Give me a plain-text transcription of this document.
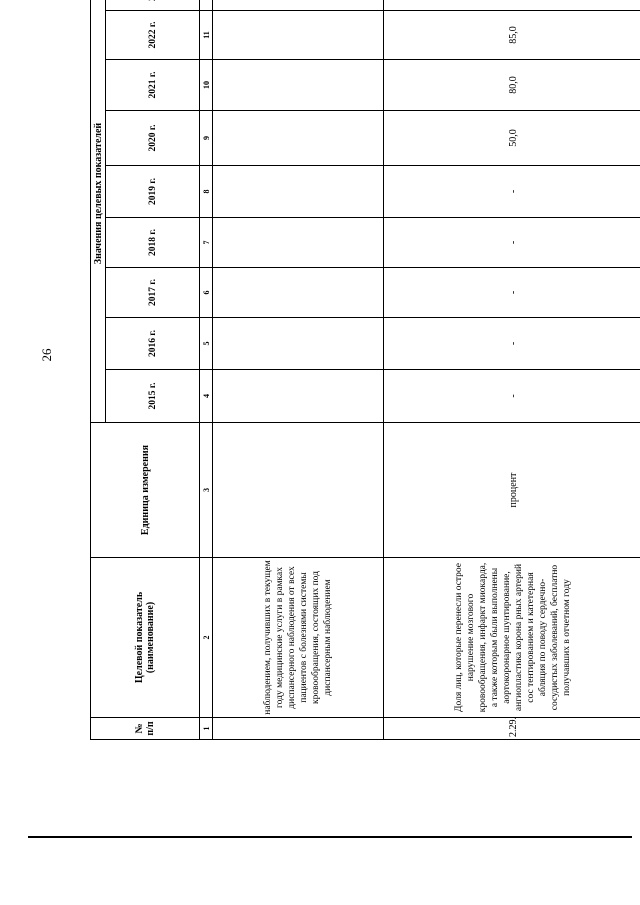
26
№ п/п	Целевой показатель (наименование)	Единица измерения	Значения целевых показателей								
			2015 г.	2016 г.	2017 г.	2018 г.	2019 г.	2020 г.	2021 г.	2022 г.	
1	2	3	4	5	6	7	8	9	10	11	
	наблюдением, получивших в текущем году медицинские услуги в рамках диспансерного наблюдения от всех пациентов с болезнями системы кровообращения, состоящих под диспансерным наблюдением										
2.29.	Доля лиц, которые перенесли острое нарушение мозгового кровообращения, инфаркт миокарда, а также которым были выполнены аортокоронарное шунтирование, ангиопластика корона рных артерий сос тентированием и катетерная абляция по поводу сердечно-сосудистых заболеваний, бесплатно получавших в отчетном году	процент	-	-	-	-	-	50,0	80,0	85,0	
